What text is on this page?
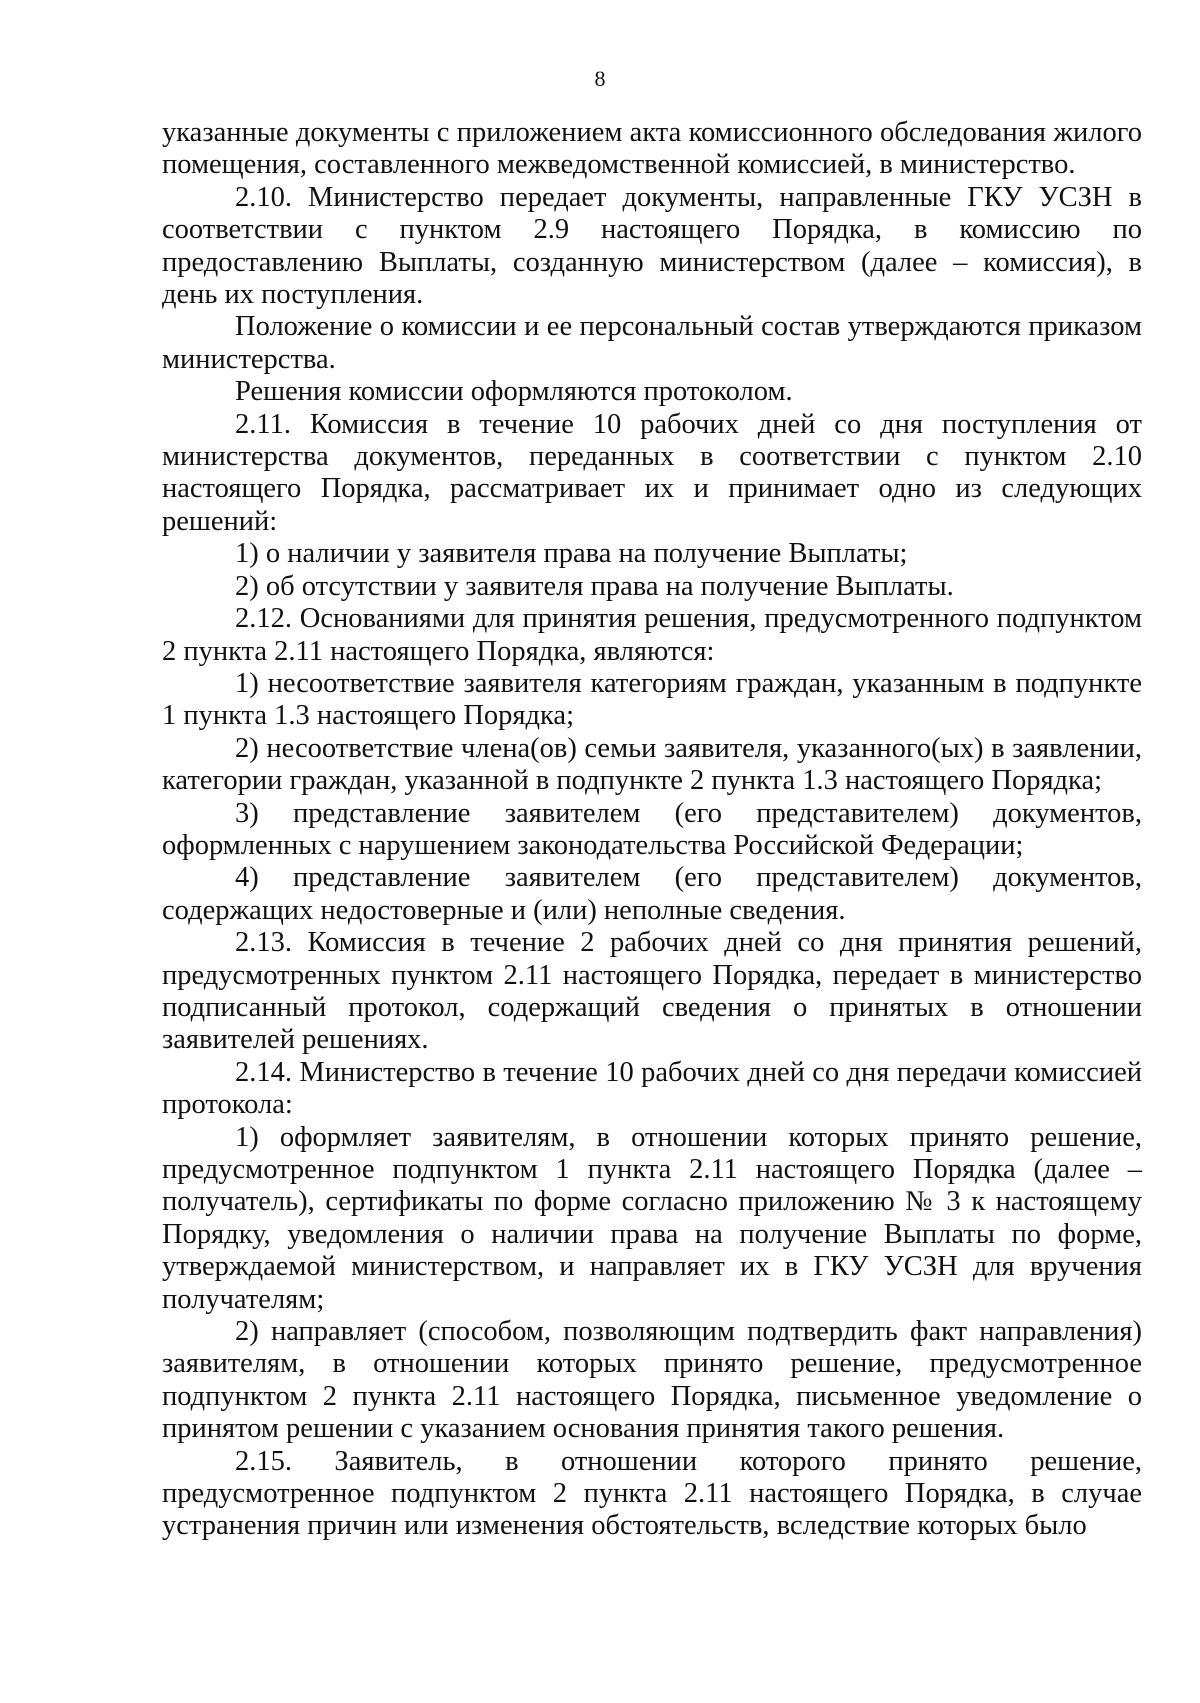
8

указанные документы с приложением акта комиссионного обследования жилого помещения, составленного межведомственной комиссией, в министерство.

2.10. Министерство передает документы, направленные ГКУ УСЗН в соответствии с пунктом 2.9 настоящего Порядка, в комиссию по предоставлению Выплаты, созданную министерством (далее – комиссия), в день их поступления.

Положение о комиссии и ее персональный состав утверждаются приказом министерства.

Решения комиссии оформляются протоколом.

2.11. Комиссия в течение 10 рабочих дней со дня поступления от министерства документов, переданных в соответствии с пунктом 2.10 настоящего Порядка, рассматривает их и принимает одно из следующих решений:

1) о наличии у заявителя права на получение Выплаты;

2) об отсутствии у заявителя права на получение Выплаты.

2.12. Основаниями для принятия решения, предусмотренного подпунктом 2 пункта 2.11 настоящего Порядка, являются:

1) несоответствие заявителя категориям граждан, указанным в подпункте 1 пункта 1.3 настоящего Порядка;

2) несоответствие члена(ов) семьи заявителя, указанного(ых) в заявлении, категории граждан, указанной в подпункте 2 пункта 1.3 настоящего Порядка;

3) представление заявителем (его представителем) документов, оформленных с нарушением законодательства Российской Федерации;

4) представление заявителем (его представителем) документов, содержащих недостоверные и (или) неполные сведения.

2.13. Комиссия в течение 2 рабочих дней со дня принятия решений, предусмотренных пунктом 2.11 настоящего Порядка, передает в министерство подписанный протокол, содержащий сведения о принятых в отношении заявителей решениях.

2.14. Министерство в течение 10 рабочих дней со дня передачи комиссией протокола:

1) оформляет заявителям, в отношении которых принято решение, предусмотренное подпунктом 1 пункта 2.11 настоящего Порядка (далее – получатель), сертификаты по форме согласно приложению № 3 к настоящему Порядку, уведомления о наличии права на получение Выплаты по форме, утверждаемой министерством, и направляет их в ГКУ УСЗН для вручения получателям;

2) направляет (способом, позволяющим подтвердить факт направления) заявителям, в отношении которых принято решение, предусмотренное подпунктом 2 пункта 2.11 настоящего Порядка, письменное уведомление о принятом решении с указанием основания принятия такого решения.

2.15. Заявитель, в отношении которого принято решение, предусмотренное подпунктом 2 пункта 2.11 настоящего Порядка, в случае устранения причин или изменения обстоятельств, вследствие которых было
